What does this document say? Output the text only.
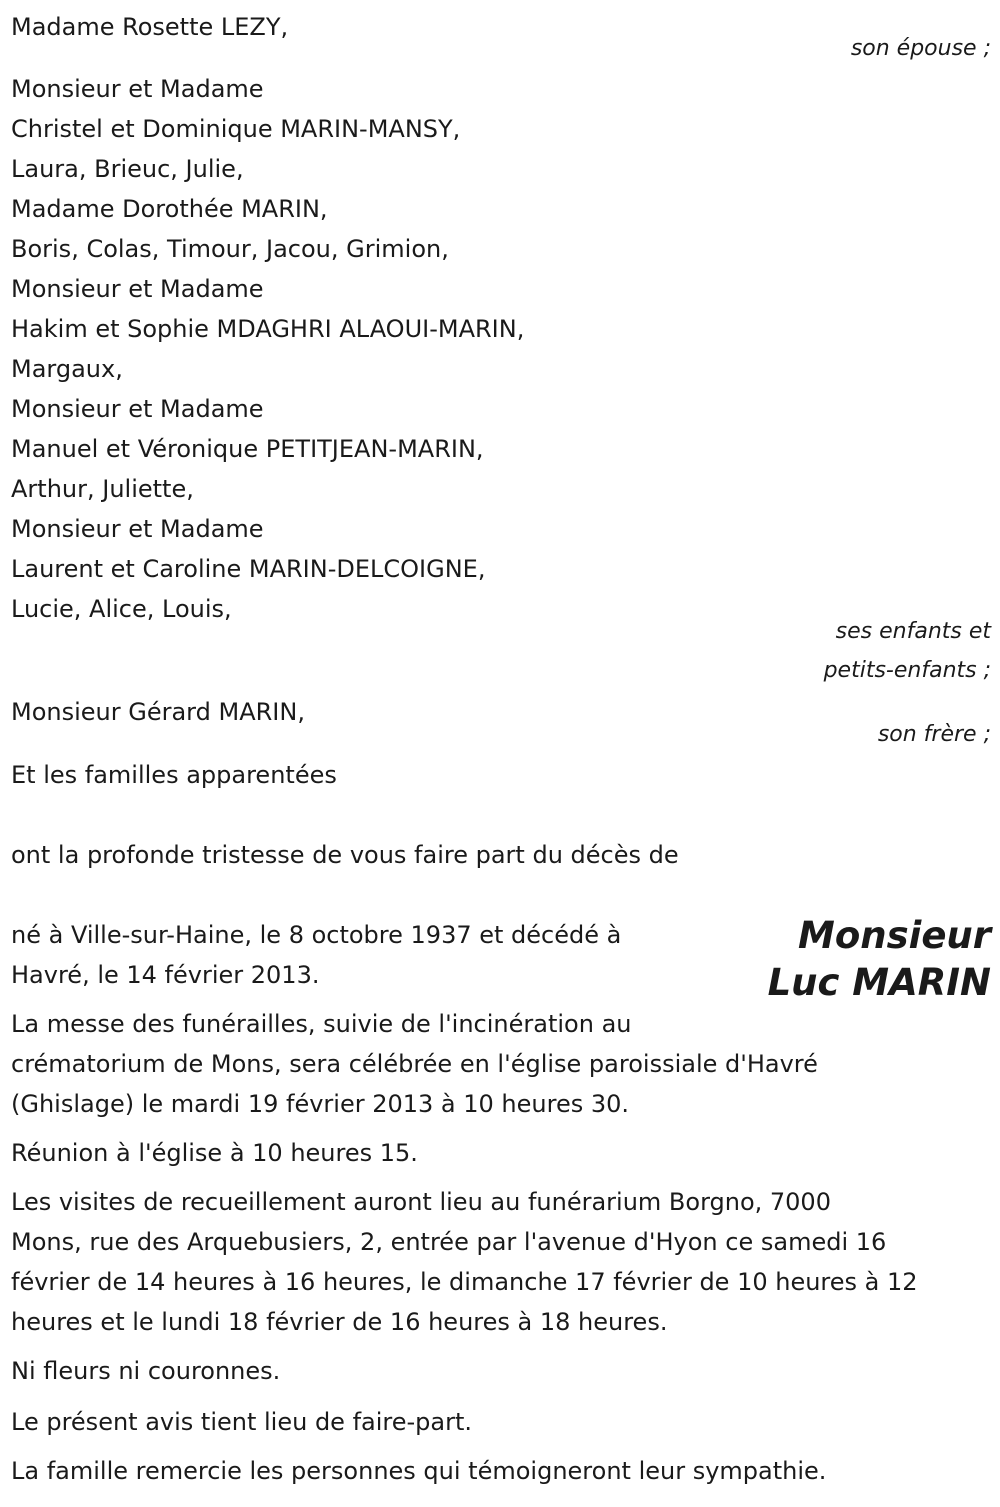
Madame Rosette LEZY,
son épouse ;
Monsieur et Madame
Christel et Dominique MARIN-MANSY,
Laura, Brieuc, Julie,
Madame Dorothée MARIN,
Boris, Colas, Timour, Jacou, Grimion,
Monsieur et Madame
Hakim et Sophie MDAGHRI ALAOUI-MARIN,
Margaux,
Monsieur et Madame
Manuel et Véronique PETITJEAN-MARIN,
Arthur, Juliette,
Monsieur et Madame
Laurent et Caroline MARIN-DELCOIGNE,
Lucie, Alice, Louis,
ses enfants et
petits-enfants ;
Monsieur Gérard MARIN,
son frère ;
Et les familles apparentées
ont la profonde tristesse de vous faire part du décès de
Monsieur
Luc MARIN
né à Ville-sur-Haine, le 8 octobre 1937 et décédé à
Havré, le 14 février 2013.
La messe des funérailles, suivie de l'incinération au
crématorium de Mons, sera célébrée en l'église paroissiale d'Havré
(Ghislage) le mardi 19 février 2013 à 10 heures 30.
Réunion à l'église à 10 heures 15.
Les visites de recueillement auront lieu au funérarium Borgno, 7000
Mons, rue des Arquebusiers, 2, entrée par l'avenue d'Hyon ce samedi 16
février de 14 heures à 16 heures, le dimanche 17 février de 10 heures à 12
heures et le lundi 18 février de 16 heures à 18 heures.
Ni fleurs ni couronnes.
Le présent avis tient lieu de faire-part.
La famille remercie les personnes qui témoigneront leur sympathie.
